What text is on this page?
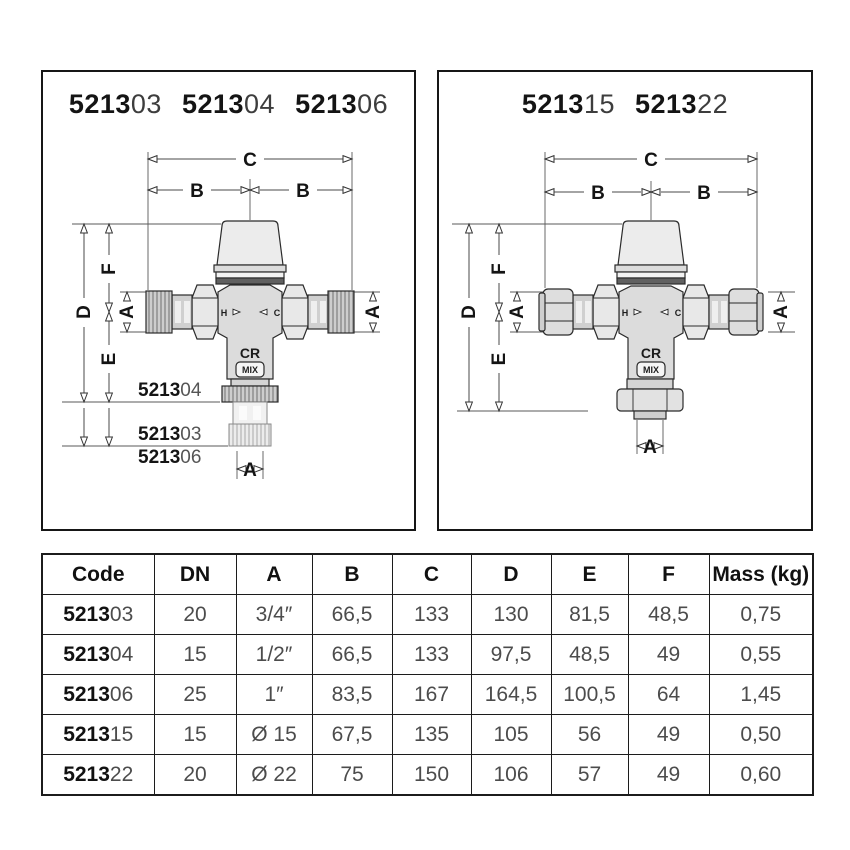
521303 521304 521306
C
B	B
D
F
E
A	A
A
H	C
CR
MIX
521304
521303
521306
521315 521322
C
B	B
D
F
E
A	A
A
H	C
CR
MIX
Code	DN	A	B	C	D	E	F	Mass (kg)
521303	20	3/4″	66,5	133	130	81,5	48,5	0,75
521304	15	1/2″	66,5	133	97,5	48,5	49	0,55
521306	25	1″	83,5	167	164,5	100,5	64	1,45
521315	15	Ø 15	67,5	135	105	56	49	0,50
521322	20	Ø 22	75	150	106	57	49	0,60
